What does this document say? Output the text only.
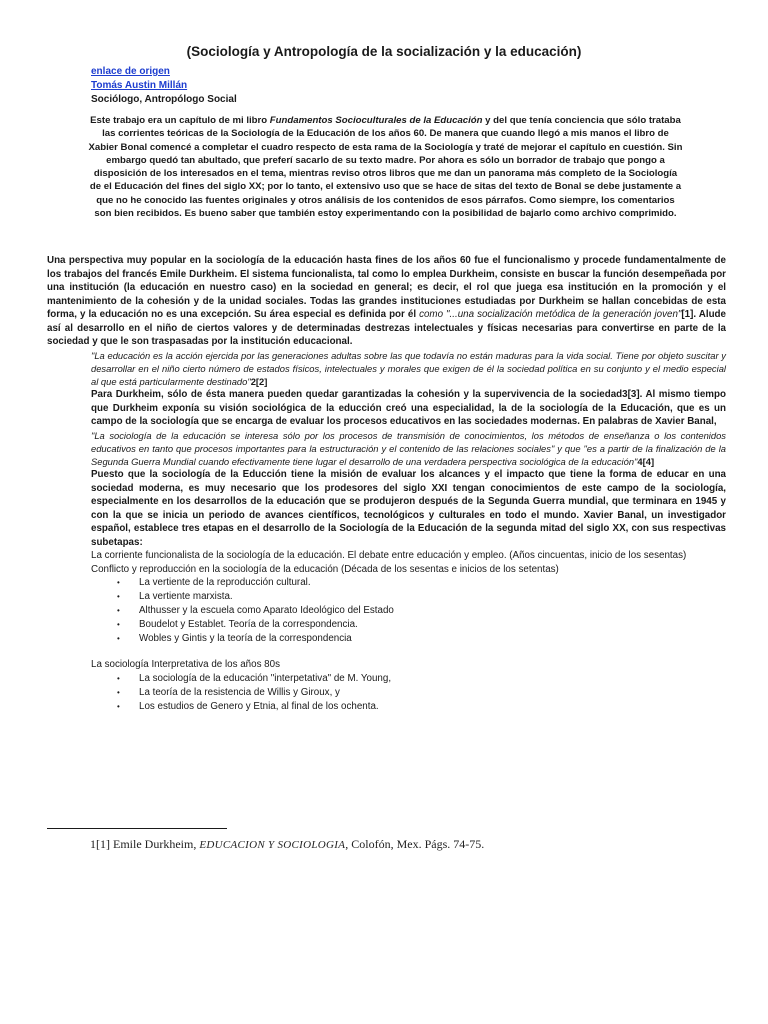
(Sociología y Antropología de la socialización y la educación)
enlace de origen
Tomás Austin Millán
Sociólogo, Antropólogo Social
Este trabajo era un capítulo de mi libro Fundamentos Socioculturales de la Educación y del que tenía conciencia que sólo trataba las corrientes teóricas de la Sociología de la Educación de los años 60. De manera que cuando llegó a mis manos el libro de Xabier Bonal comencé a completar el cuadro respecto de esta rama de la Sociología y traté de mejorar el capítulo en cuestión. Sin embargo quedó tan abultado, que preferí sacarlo de su texto madre. Por ahora es sólo un borrador de trabajo que pongo a disposición de los interesados en el tema, mientras reviso otros libros que me dan un panorama más completo de la Sociología de el Educación del fines del siglo XX; por lo tanto, el extensivo uso que se hace de sitas del texto de Bonal se debe justamente a que no he conocido las fuentes originales y otros análisis de los contenidos de esos párrafos. Como siempre, los comentarios son bien recibidos. Es bueno saber que también estoy experimentando con la posibilidad de bajarlo como archivo comprimido.

Una perspectiva muy popular en la sociología de la educación hasta fines de los años 60 fue el funcionalismo y procede fundamentalmente de los trabajos del francés Emile Durkheim. El sistema funcionalista, tal como lo emplea Durkheim, consiste en buscar la función desempeñada por una institución (la educación en nuestro caso) en la sociedad en general; es decir, el rol que juega esa institución en la promoción y el mantenimiento de la cohesión y de la unidad sociales. Todas las grandes instituciones estudiadas por Durkheim se hallan concebidas de esta forma, y la educación no es una excepción. Su área especial es definida por él como "...una socialización metódica de la generación joven"[1]. Alude así al desarrollo en el niño de ciertos valores y de determinadas destrezas intelectuales y físicas necesarias para convertirse en parte de la sociedad y que le son traspasadas por la institución educacional.

"La educación es la acción ejercida por las generaciones adultas sobre las que todavía no están maduras para la vida social. Tiene por objeto suscitar y desarrollar en el niño cierto número de estados físicos, intelectuales y morales que exigen de él la sociedad política en su conjunto y el medio especial al que está particularmente destinado"2[2]

Para Durkheim, sólo de ésta manera pueden quedar garantizadas la cohesión y la supervivencia de la sociedad3[3]. Al mismo tiempo que Durkheim exponía su visión sociológica de la educción creó una especialidad, la de la sociología de la Educación, que es un campo de la sociología que se encarga de evaluar los procesos educativos en las sociedades modernas. En palabras de Xavier Banal,

"La sociología de la educación se interesa sólo por los procesos de transmisión de conocimientos, los métodos de enseñanza o los contenidos educativos en tanto que procesos importantes para la estructuración y el contenido de las relaciones sociales" y que "es a partir de la finalización de la Segunda Guerra Mundial cuando efectivamente tiene lugar el desarrollo de una verdadera perspectiva sociológica de la educación"4[4]

Puesto que la sociología de la Educción tiene la misión de evaluar los alcances y el impacto que tiene la forma de educar en una sociedad moderna, es muy necesario que los prodesores del siglo XXI tengan conocimientos de este campo de la sociología, especialmente en los desarrollos de la educación que se produjeron después de la Segunda Guerra mundial, que terminara en 1945 y con la que se inicia un periodo de avances científicos, tecnológicos y culturales en todo el mundo. Xavier Banal, un investigador español, establece tres etapas en el desarrollo de la Sociología de la Educación de la segunda mitad del siglo XX, con sus respectivas subetapas:

La corriente funcionalista de la sociología de la educación. El debate entre educación y empleo. (Años cincuentas, inicio de los sesentas)

Conflicto y reproducción en la sociología de la educación (Década de los sesentas e inicios de los setentas)

• La vertiente de la reproducción cultural.
• La vertiente marxista.
• Althusser y la escuela como Aparato Ideológico del Estado
• Boudelot y Establet. Teoría de la correspondencia.
• Wobles y Gintis y la teoría de la correspondencia

La sociología Interpretativa de los años 80s

• La sociología de la educación "interpetativa" de M. Young,
• La teoría de la resistencia de Willis y Giroux, y
• Los estudios de Genero y Etnia, al final de los ochenta.
1[1] Emile Durkheim, EDUCACION Y SOCIOLOGIA, Colofón, Mex. Págs. 74-75.
